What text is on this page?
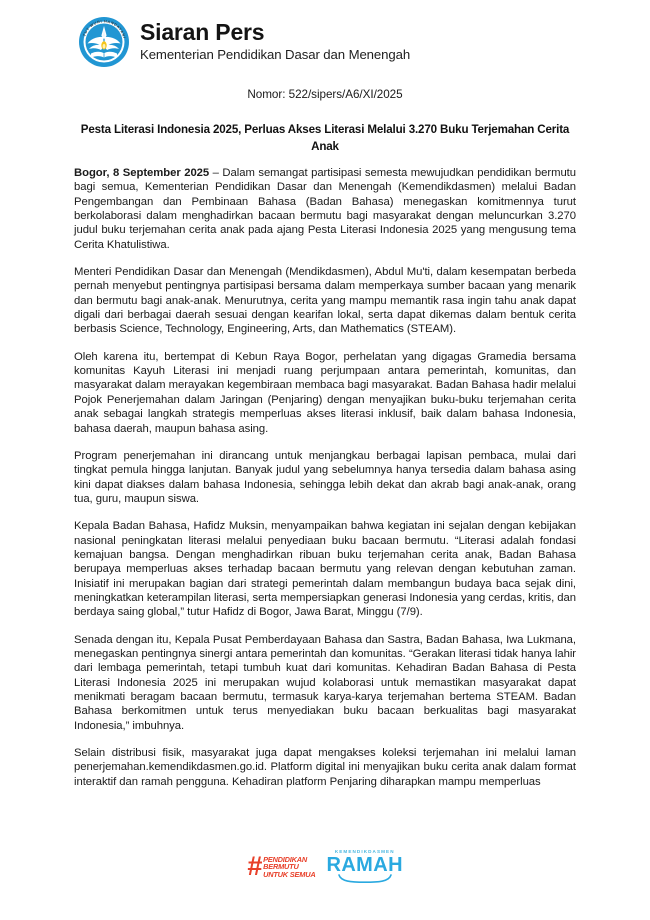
TUT WURI HANDAYANI Siaran Pers
Kementerian Pendidikan Dasar dan Menengah
Nomor: 522/sipers/A6/XI/2025
Pesta Literasi Indonesia 2025, Perluas Akses Literasi Melalui 3.270 Buku Terjemahan Cerita Anak

Bogor, 8 September 2025 – Dalam semangat partisipasi semesta mewujudkan pendidikan bermutu bagi semua, Kementerian Pendidikan Dasar dan Menengah (Kemendikdasmen) melalui Badan Pengembangan dan Pembinaan Bahasa (Badan Bahasa) menegaskan komitmennya turut berkolaborasi dalam menghadirkan bacaan bermutu bagi masyarakat dengan meluncurkan 3.270 judul buku terjemahan cerita anak pada ajang Pesta Literasi Indonesia 2025 yang mengusung tema Cerita Khatulistiwa.

Menteri Pendidikan Dasar dan Menengah (Mendikdasmen), Abdul Mu'ti, dalam kesempatan berbeda pernah menyebut pentingnya partisipasi bersama dalam memperkaya sumber bacaan yang menarik dan bermutu bagi anak-anak. Menurutnya, cerita yang mampu memantik rasa ingin tahu anak dapat digali dari berbagai daerah sesuai dengan kearifan lokal, serta dapat dikemas dalam bentuk cerita berbasis Science, Technology, Engineering, Arts, dan Mathematics (STEAM).

Oleh karena itu, bertempat di Kebun Raya Bogor, perhelatan yang digagas Gramedia bersama komunitas Kayuh Literasi ini menjadi ruang perjumpaan antara pemerintah, komunitas, dan masyarakat dalam merayakan kegembiraan membaca bagi masyarakat. Badan Bahasa hadir melalui Pojok Penerjemahan dalam Jaringan (Penjaring) dengan menyajikan buku-buku terjemahan cerita anak sebagai langkah strategis memperluas akses literasi inklusif, baik dalam bahasa Indonesia, bahasa daerah, maupun bahasa asing.

Program penerjemahan ini dirancang untuk menjangkau berbagai lapisan pembaca, mulai dari tingkat pemula hingga lanjutan. Banyak judul yang sebelumnya hanya tersedia dalam bahasa asing kini dapat diakses dalam bahasa Indonesia, sehingga lebih dekat dan akrab bagi anak-anak, orang tua, guru, maupun siswa.

Kepala Badan Bahasa, Hafidz Muksin, menyampaikan bahwa kegiatan ini sejalan dengan kebijakan nasional peningkatan literasi melalui penyediaan buku bacaan bermutu. “Literasi adalah fondasi kemajuan bangsa. Dengan menghadirkan ribuan buku terjemahan cerita anak, Badan Bahasa berupaya memperluas akses terhadap bacaan bermutu yang relevan dengan kebutuhan zaman. Inisiatif ini merupakan bagian dari strategi pemerintah dalam membangun budaya baca sejak dini, meningkatkan keterampilan literasi, serta mempersiapkan generasi Indonesia yang cerdas, kritis, dan berdaya saing global,” tutur Hafidz di Bogor, Jawa Barat, Minggu (7/9).

Senada dengan itu, Kepala Pusat Pemberdayaan Bahasa dan Sastra, Badan Bahasa, Iwa Lukmana, menegaskan pentingnya sinergi antara pemerintah dan komunitas. “Gerakan literasi tidak hanya lahir dari lembaga pemerintah, tetapi tumbuh kuat dari komunitas. Kehadiran Badan Bahasa di Pesta Literasi Indonesia 2025 ini merupakan wujud kolaborasi untuk memastikan masyarakat dapat menikmati beragam bacaan bermutu, termasuk karya-karya terjemahan bertema STEAM. Badan Bahasa berkomitmen untuk terus menyediakan buku bacaan berkualitas bagi masyarakat Indonesia,” imbuhnya.

Selain distribusi fisik, masyarakat juga dapat mengakses koleksi terjemahan ini melalui laman penerjemahan.kemendikdasmen.go.id. Platform digital ini menyajikan buku cerita anak dalam format interaktif dan ramah pengguna. Kehadiran platform Penjaring diharapkan mampu memperluas

# PENDIDIKAN
BERMUTU
UNTUK SEMUA
KEMENDIKDASMEN
RAMAH
